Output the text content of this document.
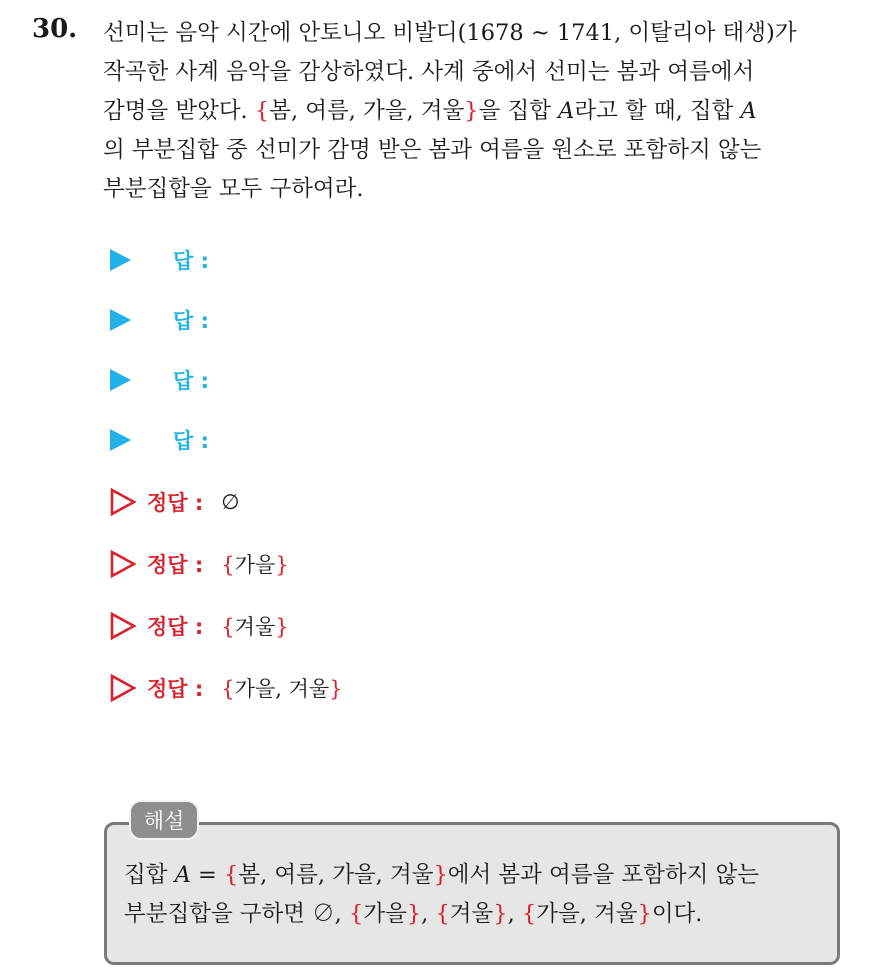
30. 선미는 음악 시간에 안토니오 비발디(1678 ~ 1741, 이탈리아 태생)가
작곡한 사계 음악을 감상하였다. 사계 중에서 선미는 봄과 여름에서
감명을 받았다. {봄, 여름, 가을, 겨울}을 집합 A라고 할 때, 집합 A
의 부분집합 중 선미가 감명 받은 봄과 여름을 원소로 포함하지 않는
부분집합을 모두 구하여라.
답 :
답 :
답 :
답 :
정답 : ∅
정답 : {가을}
정답 : {겨울}
정답 : {가을, 겨울}
해설
집합 A = {봄, 여름, 가을, 겨울}에서 봄과 여름을 포함하지 않는
부분집합을 구하면 ∅, {가을}, {겨울}, {가을, 겨울}이다.
